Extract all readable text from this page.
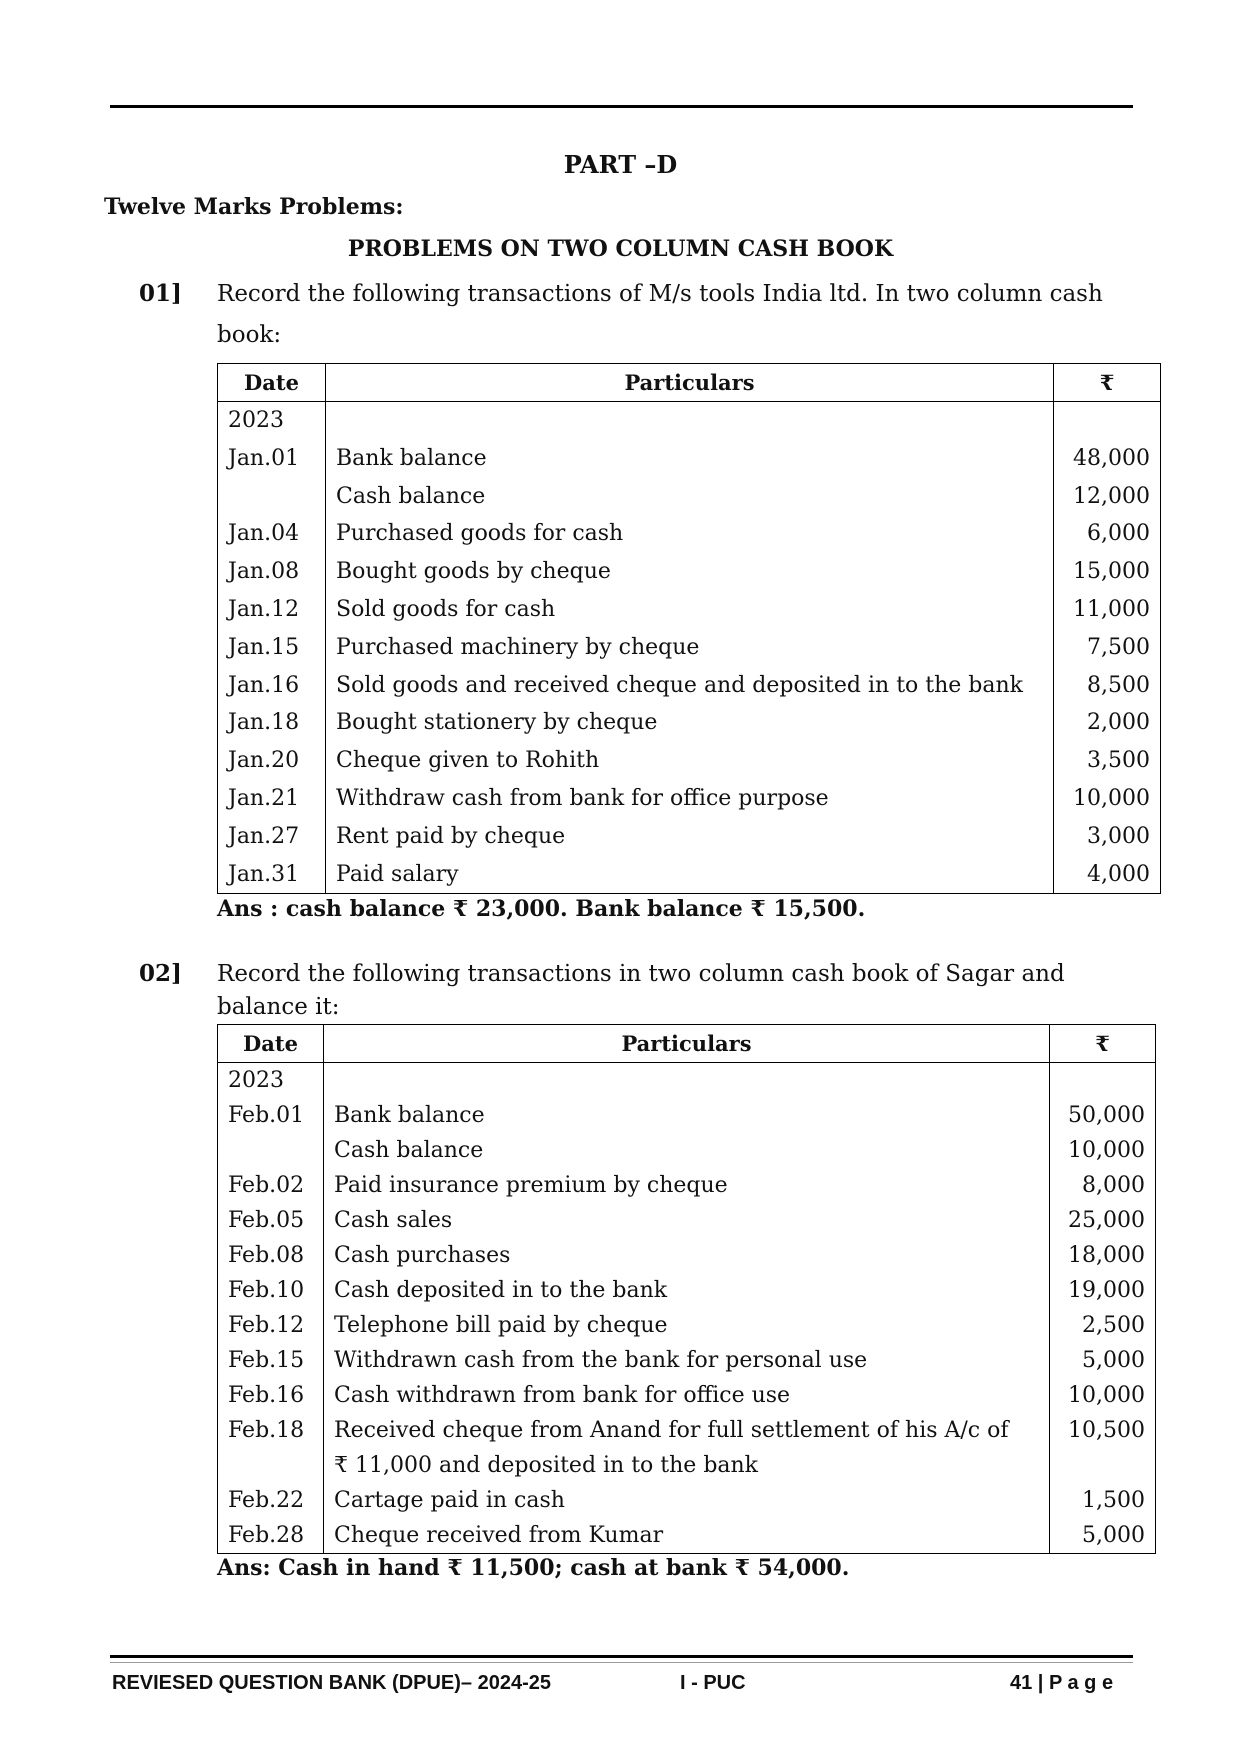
PART –D
Twelve Marks Problems:
PROBLEMS ON TWO COLUMN CASH BOOK
01] Record the following transactions of M/s tools India ltd. In two column cash book:
Date	Particulars	₹
2023		
Jan.01	Bank balance	48,000
	Cash balance	12,000
Jan.04	Purchased goods for cash	6,000
Jan.08	Bought goods by cheque	15,000
Jan.12	Sold goods for cash	11,000
Jan.15	Purchased machinery by cheque	7,500
Jan.16	Sold goods and received cheque and deposited in to the bank	8,500
Jan.18	Bought stationery by cheque	2,000
Jan.20	Cheque given to Rohith	3,500
Jan.21	Withdraw cash from bank for office purpose	10,000
Jan.27	Rent paid by cheque	3,000
Jan.31	Paid salary	4,000
Ans : cash balance ₹ 23,000. Bank balance ₹ 15,500.
02] Record the following transactions in two column cash book of Sagar and balance it:
Date	Particulars	₹
2023		
Feb.01	Bank balance	50,000
	Cash balance	10,000
Feb.02	Paid insurance premium by cheque	8,000
Feb.05	Cash sales	25,000
Feb.08	Cash purchases	18,000
Feb.10	Cash deposited in to the bank	19,000
Feb.12	Telephone bill paid by cheque	2,500
Feb.15	Withdrawn cash from the bank for personal use	5,000
Feb.16	Cash withdrawn from bank for office use	10,000
Feb.18	Received cheque from Anand for full settlement of his A/c of	10,500
	₹ 11,000 and deposited in to the bank	
Feb.22	Cartage paid in cash	1,500
Feb.28	Cheque received from Kumar	5,000
Ans: Cash in hand ₹ 11,500; cash at bank ₹ 54,000.
REVIESED QUESTION BANK (DPUE)– 2024-25	I - PUC	41 | P a g e
